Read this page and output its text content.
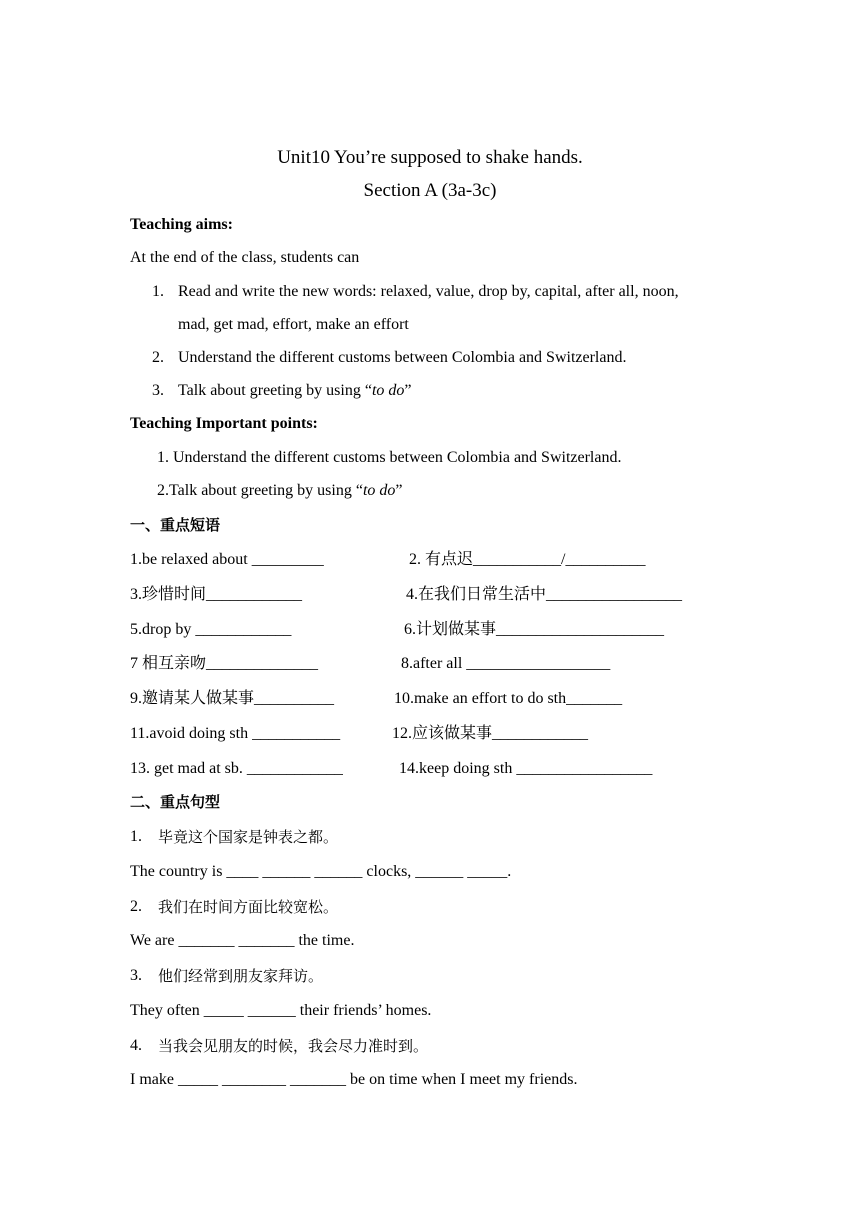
Unit10 You’re supposed to shake hands.
Section A (3a-3c)
Teaching aims:
At the end of the class, students can
1. Read and write the new words: relaxed, value, drop by, capital, after all, noon,
mad, get mad, effort, make an effort
2. Understand the different customs between Colombia and Switzerland.
3. Talk about greeting by using “to do”
Teaching Important points:
1. Understand the different customs between Colombia and Switzerland.
2.Talk about greeting by using “to do”
一、重点短语
1.be relaxed about _________	2. 有点迟___________/__________
3.珍惜时间____________	4.在我们日常生活中_________________
5.drop by ____________	6.计划做某事_____________________
7 相互亲吻______________	8.after all __________________
9.邀请某人做某事__________	10.make an effort to do sth_______
11.avoid doing sth ___________	12.应该做某事____________
13. get mad at sb. ____________	14.keep doing sth _________________
二、重点句型
1. 毕竟这个国家是钟表之都。
The country is ____ ______ ______ clocks, ______ _____.
2. 我们在时间方面比较宽松。
We are _______ _______ the time.
3. 他们经常到朋友家拜访。
They often _____ ______ their friends’ homes.
4. 当我会见朋友的时候，我会尽力准时到。
I make _____ ________ _______ be on time when I meet my friends.
